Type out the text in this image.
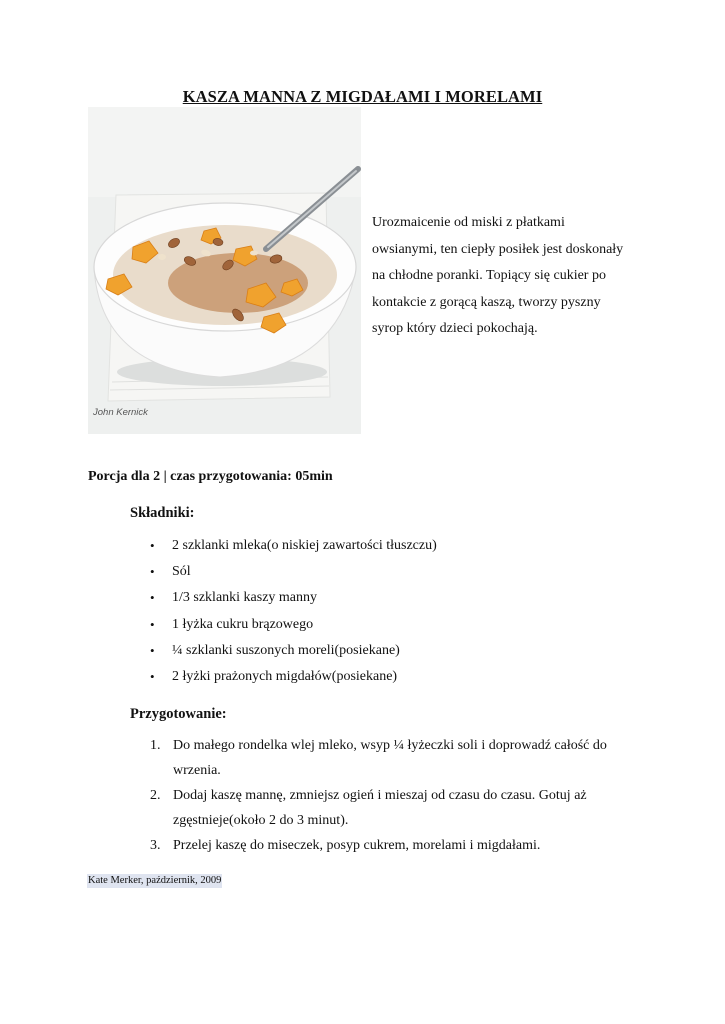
KASZA MANNA Z MIGDAŁAMI I MORELAMI
John Kernick

Urozmaicenie od miski z płatkami

owsianymi, ten ciepły posiłek jest doskonały

na chłodne poranki. Topiący się cukier po

kontakcie z gorącą kaszą, tworzy pyszny

syrop który dzieci pokochają.

Porcja dla 2 | czas przygotowania: 05min
Składniki:
• 2 szklanki mleka(o niskiej zawartości tłuszczu)
• Sól
• 1/3 szklanki kaszy manny
• 1 łyżka cukru brązowego
• ¼ szklanki suszonych moreli(posiekane)
• 2 łyżki prażonych migdałów(posiekane)
Przygotowanie:
1. Do małego rondelka wlej mleko, wsyp ¼ łyżeczki soli i doprowadź całość do wrzenia.
2. Dodaj kaszę mannę, zmniejsz ogień i mieszaj od czasu do czasu. Gotuj aż zgęstnieje(około 2 do 3 minut).
3. Przelej kaszę do miseczek, posyp cukrem, morelami i migdałami.
Kate Merker, październik, 2009
